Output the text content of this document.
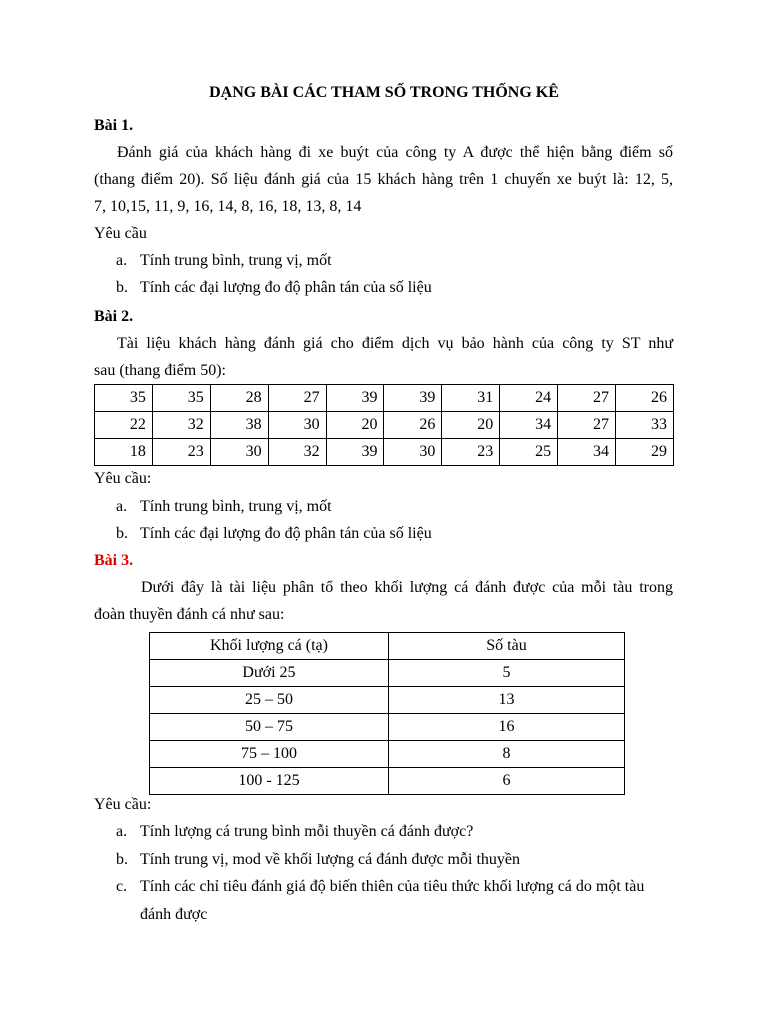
DẠNG BÀI CÁC THAM SỐ TRONG THỐNG KÊ
Bài 1.
Đánh giá của khách hàng đi xe buýt của công ty A được thể hiện bằng điểm số
(thang điểm 20). Số liệu đánh giá của 15 khách hàng trên 1 chuyến xe buýt là: 12, 5,
7, 10,15, 11, 9, 16, 14, 8, 16, 18, 13, 8, 14
Yêu cầu
a. Tính trung bình, trung vị, mốt
b. Tính các đại lượng đo độ phân tán của số liệu
Bài 2.
Tài liệu khách hàng đánh giá cho điểm dịch vụ bảo hành của công ty ST như
sau (thang điểm 50):
35	35	28	27	39	39	31	24	27	26
22	32	38	30	20	26	20	34	27	33
18	23	30	32	39	30	23	25	34	29
Yêu cầu:
a. Tính trung bình, trung vị, mốt
b. Tính các đại lượng đo độ phân tán của số liệu
Bài 3.
Dưới đây là tài liệu phân tổ theo khối lượng cá đánh được của mỗi tàu trong
đoàn thuyền đánh cá như sau:
Khối lượng cá (tạ)	Số tàu
Dưới 25	5
25 – 50	13
50 – 75	16
75 – 100	8
100 - 125	6
Yêu cầu:
a. Tính lượng cá trung bình mỗi thuyền cá đánh được?
b. Tính trung vị, mod về khối lượng cá đánh được mỗi thuyền
c. Tính các chỉ tiêu đánh giá độ biến thiên của tiêu thức khối lượng cá do một tàu
đánh được
